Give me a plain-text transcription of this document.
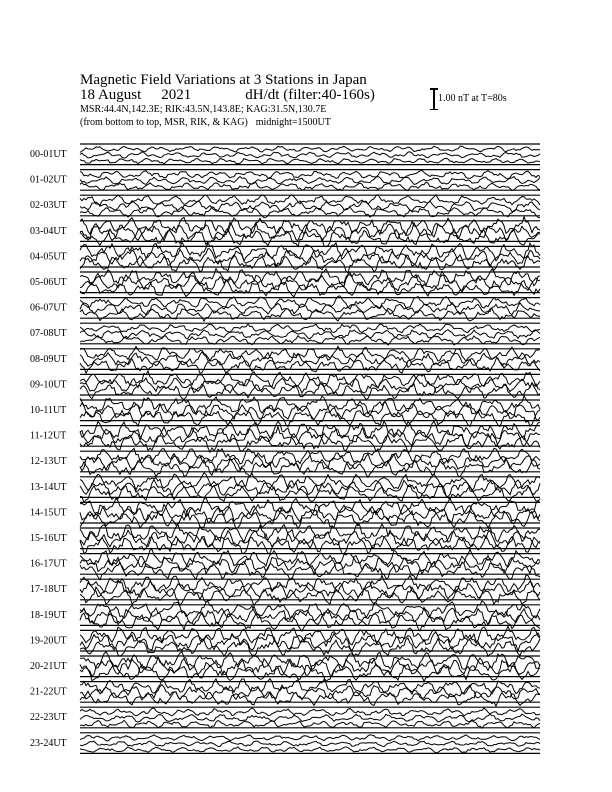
Magnetic Field Variations at 3 Stations in Japan
18 August 2021	dH/dt (filter:40-160s)
MSR:44.4N,142.3E; RIK:43.5N,143.8E; KAG:31.5N,130.7E
(from bottom to top, MSR, RIK, & KAG) midnight=1500UT
1.00 nT at T=80s
00-01UT
01-02UT
02-03UT
03-04UT
04-05UT
05-06UT
06-07UT
07-08UT
08-09UT
09-10UT
10-11UT
11-12UT
12-13UT
13-14UT
14-15UT
15-16UT
16-17UT
17-18UT
18-19UT
19-20UT
20-21UT
21-22UT
22-23UT
23-24UT
